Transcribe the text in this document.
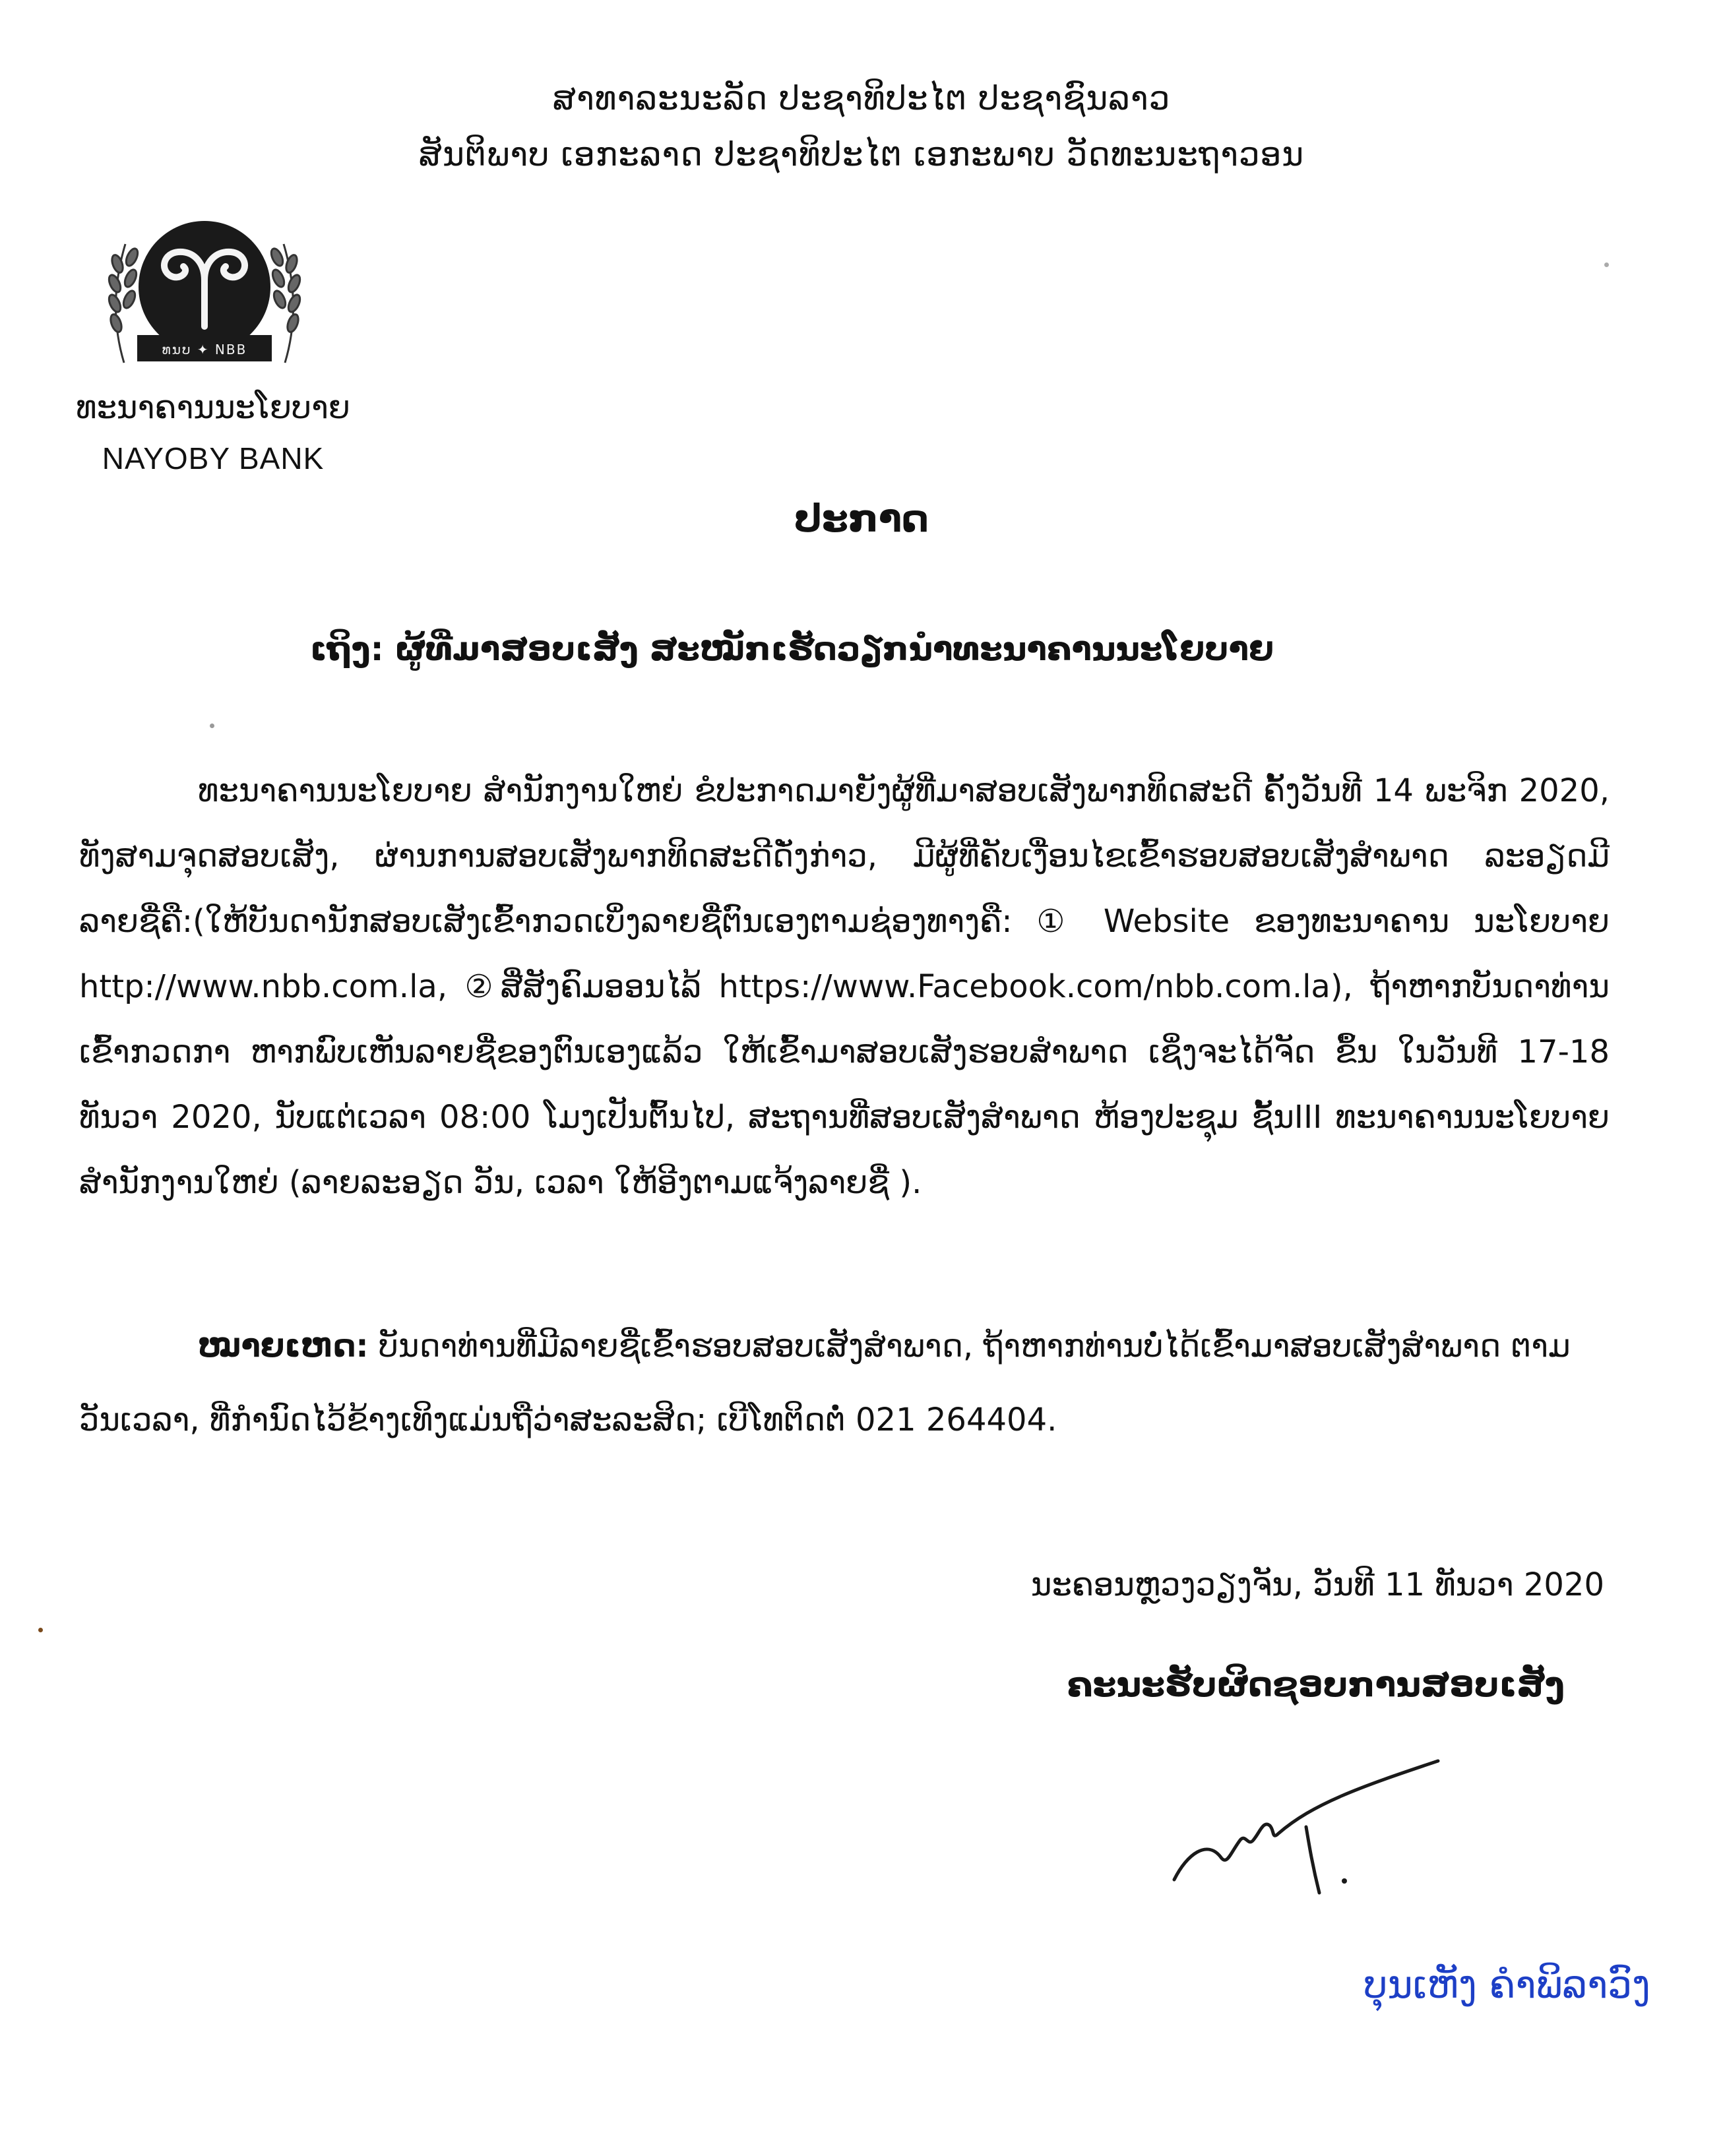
ສາທາລະນະລັດ ປະຊາທິປະໄຕ ປະຊາຊົນລາວ
ສັນຕິພາບ ເອກະລາດ ປະຊາທິປະໄຕ ເອກະພາບ ວັດທະນະຖາວອນ
ທນບ ✦ NBB
ທະນາຄານນະໂຍບາຍ
NAYOBY BANK
ປະກາດ
ເຖິງ: ຜູ້ທີ່ມາສອບເສັງ ສະໝັກເຮັດວຽກນຳທະນາຄານນະໂຍບາຍ
ທະນາຄານນະໂຍບາຍ ສຳນັກງານໃຫຍ່ ຂໍປະກາດມາຍັງຜູ້ທີ່ມາສອບເສັງພາກທິດສະດີ ຄັ້ງວັນທີ 14 ພະຈິກ 2020, ທັງສາມຈຸດສອບເສັງ, ຜ່ານການສອບເສັງພາກທິດສະດີດັ່ງກ່າວ, ມີຜູ້ທີ່ຄັບເງື່ອນໄຂເຂົ້າຮອບສອບເສັງສຳພາດ ລະອຽດມີລາຍຊື່ຄື:(ໃຫ້ບັນດານັກສອບເສັງເຂົ້າກວດເບິ່ງລາຍຊື່ຕົນເອງຕາມຊ່ອງທາງຄື: ① Website ຂອງທະນາຄານ ນະໂຍບາຍ http://www.nbb.com.la, ②ສື່ສັງຄົມອອນໄລ້ https://www.Facebook.com/nbb.com.la), ຖ້າຫາກບັນດາທ່ານເຂົ້າກວດກາ ຫາກພົບເຫັນລາຍຊື່ຂອງຕົນເອງແລ້ວ ໃຫ້ເຂົ້າມາສອບເສັງຮອບສຳພາດ ເຊິ່ງຈະໄດ້ຈັດ ຂຶ້ນ ໃນວັນທີ 17-18 ທັນວາ 2020, ນັບແຕ່ເວລາ 08:00 ໂມງເປັນຕົ້ນໄປ, ສະຖານທີ່ສອບເສັງສຳພາດ ຫ້ອງປະຊຸມ ຊັ້ນIII ທະນາຄານນະໂຍບາຍ ສຳນັກງານໃຫຍ່ (ລາຍລະອຽດ ວັນ, ເວລາ ໃຫ້ອີງຕາມແຈ້ງລາຍຊື່ ).
ໝາຍເຫດ: ບັນດາທ່ານທີ່ມີລາຍຊື່ເຂົ້າຮອບສອບເສັງສຳພາດ, ຖ້າຫາກທ່ານບໍ່ໄດ້ເຂົ້າມາສອບເສັງສຳພາດ ຕາມວັນເວລາ, ທີ່ກຳນົດໄວ້ຂ້າງເທິງແມ່ນຖືວ່າສະລະສິດ; ເບີໂທຕິດຕໍ່ 021 264404.
ນະຄອນຫຼວງວຽງຈັນ, ວັນທີ 11 ທັນວາ 2020
ຄະນະຮັບຜິດຊອບການສອບເສັງ
ບຸນເຫັງ ຄຳພິລາວົງ
